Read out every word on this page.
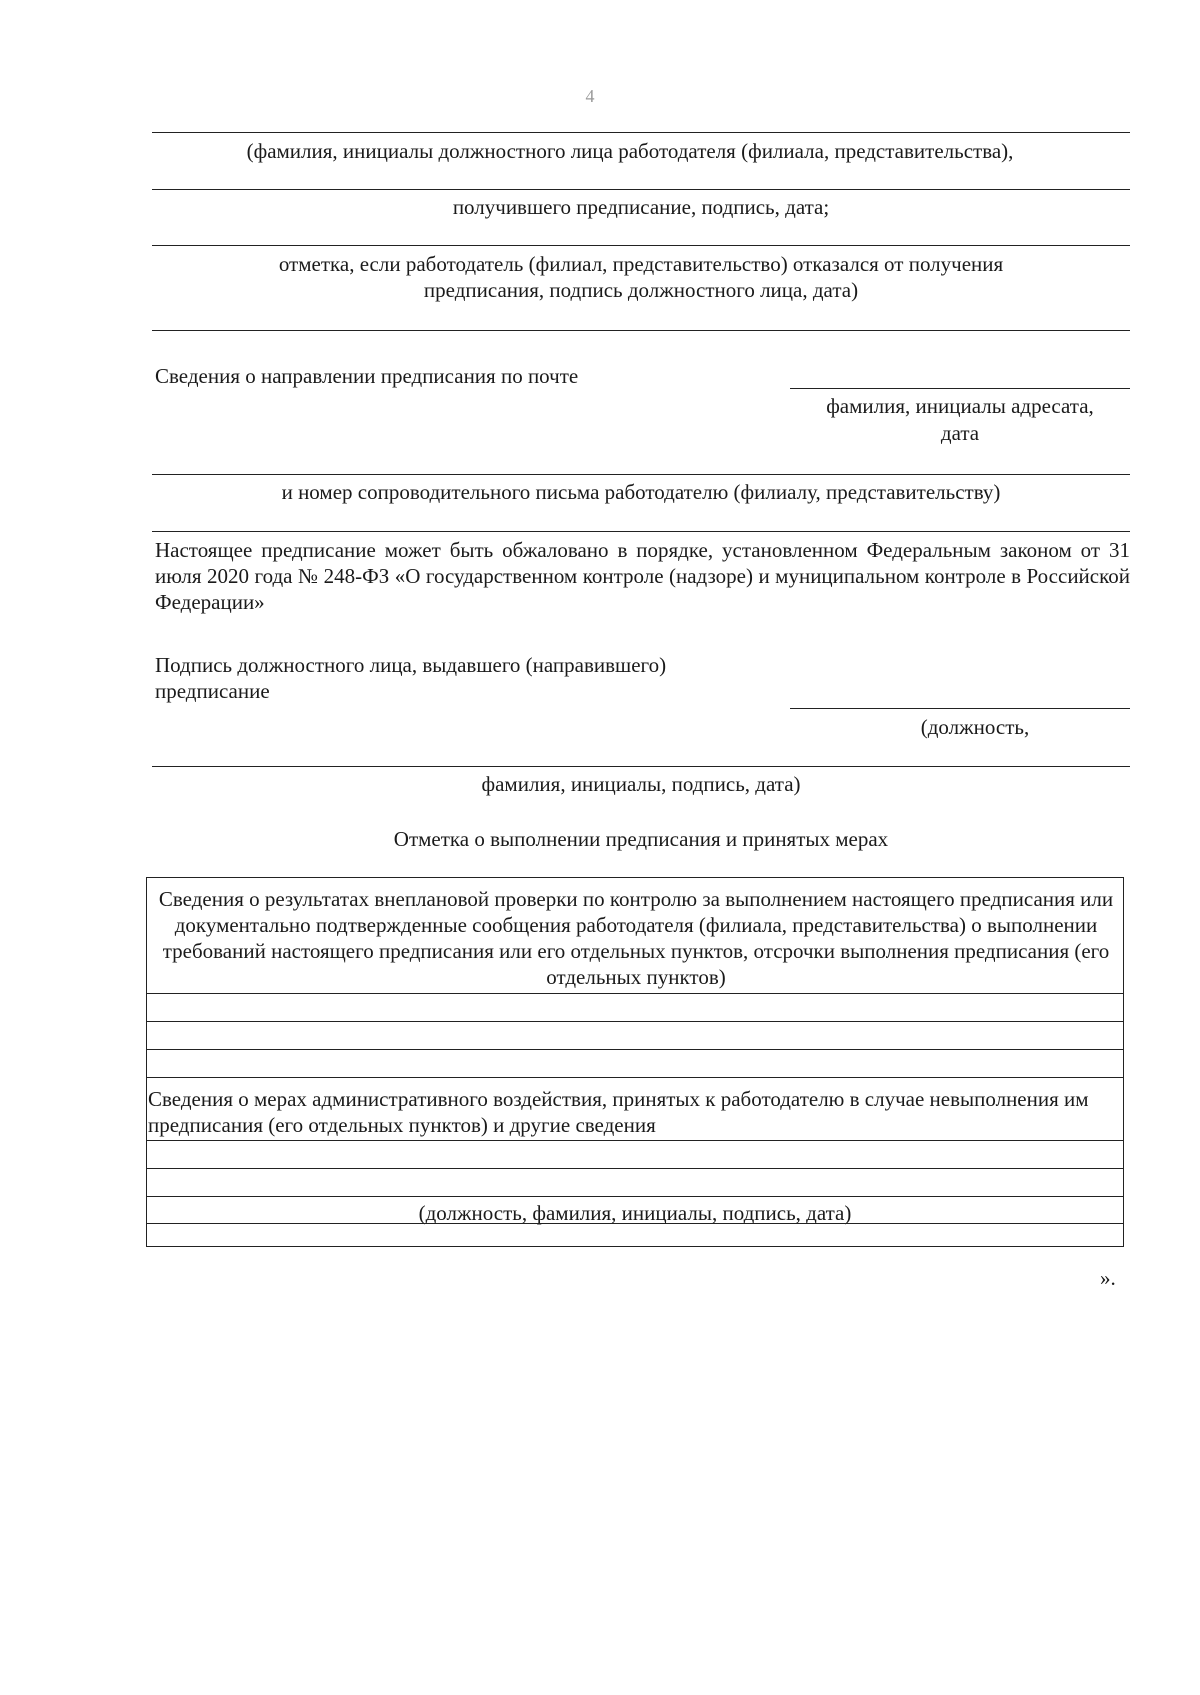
4
(фамилия, инициалы должностного лица работодателя (филиала, представительства),
получившего предписание, подпись, дата;
отметка, если работодатель (филиал, представительство) отказался от получения
предписания, подпись должностного лица, дата)
Сведения о направлении предписания по почте
фамилия, инициалы адресата,
дата
и номер сопроводительного письма работодателю (филиалу, представительству)
Настоящее предписание может быть обжаловано в порядке, установленном Федеральным законом от 31 июля 2020 года № 248-ФЗ «О государственном контроле (надзоре) и муниципальном контроле в Российской Федерации»
Подпись должностного лица, выдавшего (направившего)
предписание
(должность,
фамилия, инициалы, подпись, дата)
Отметка о выполнении предписания и принятых мерах
Сведения о результатах внеплановой проверки по контролю за выполнением настоящего предписания или документально подтвержденные сообщения работодателя (филиала, представительства) о выполнении требований настоящего предписания или его отдельных пунктов, отсрочки выполнения предписания (его отдельных пунктов)
Сведения о мерах административного воздействия, принятых к работодателю в случае невыполнения им предписания (его отдельных пунктов) и другие сведения
(должность, фамилия, инициалы, подпись, дата)
».
